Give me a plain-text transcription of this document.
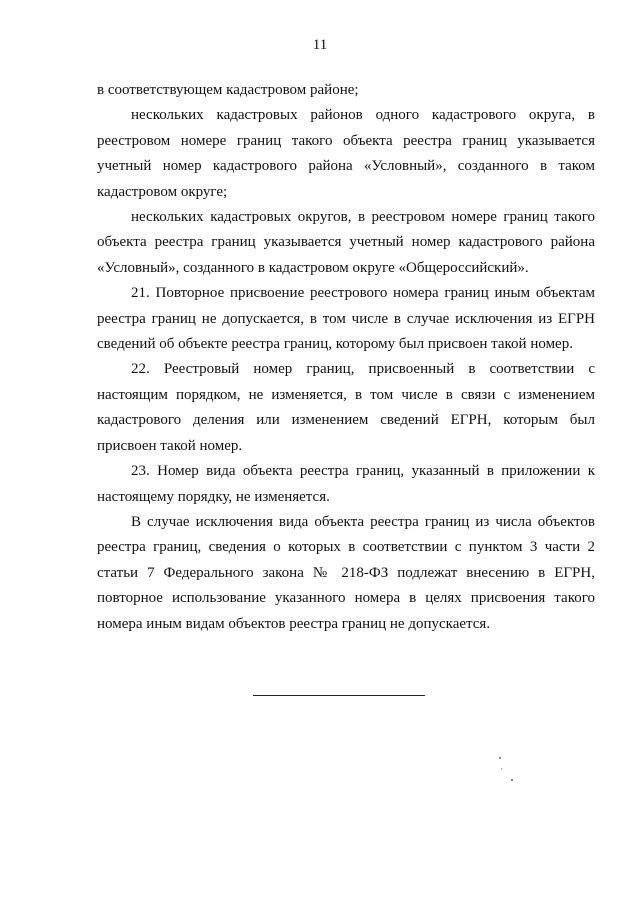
11

в соответствующем кадастровом районе;

нескольких кадастровых районов одного кадастрового округа, в реестровом номере границ такого объекта реестра границ указывается учетный номер кадастрового района «Условный», созданного в таком кадастровом округе;

нескольких кадастровых округов, в реестровом номере границ такого объекта реестра границ указывается учетный номер кадастрового района «Условный», созданного в кадастровом округе «Общероссийский».

21. Повторное присвоение реестрового номера границ иным объектам реестра границ не допускается, в том числе в случае исключения из ЕГРН сведений об объекте реестра границ, которому был присвоен такой номер.

22. Реестровый номер границ, присвоенный в соответствии с настоящим порядком, не изменяется, в том числе в связи с изменением кадастрового деления или изменением сведений ЕГРН, которым был присвоен такой номер.

23. Номер вида объекта реестра границ, указанный в приложении к настоящему порядку, не изменяется.

В случае исключения вида объекта реестра границ из числа объектов реестра границ, сведения о которых в соответствии с пунктом 3 части 2 статьи 7 Федерального закона № 218-ФЗ подлежат внесению в ЕГРН, повторное использование указанного номера в целях присвоения такого номера иным видам объектов реестра границ не допускается.
